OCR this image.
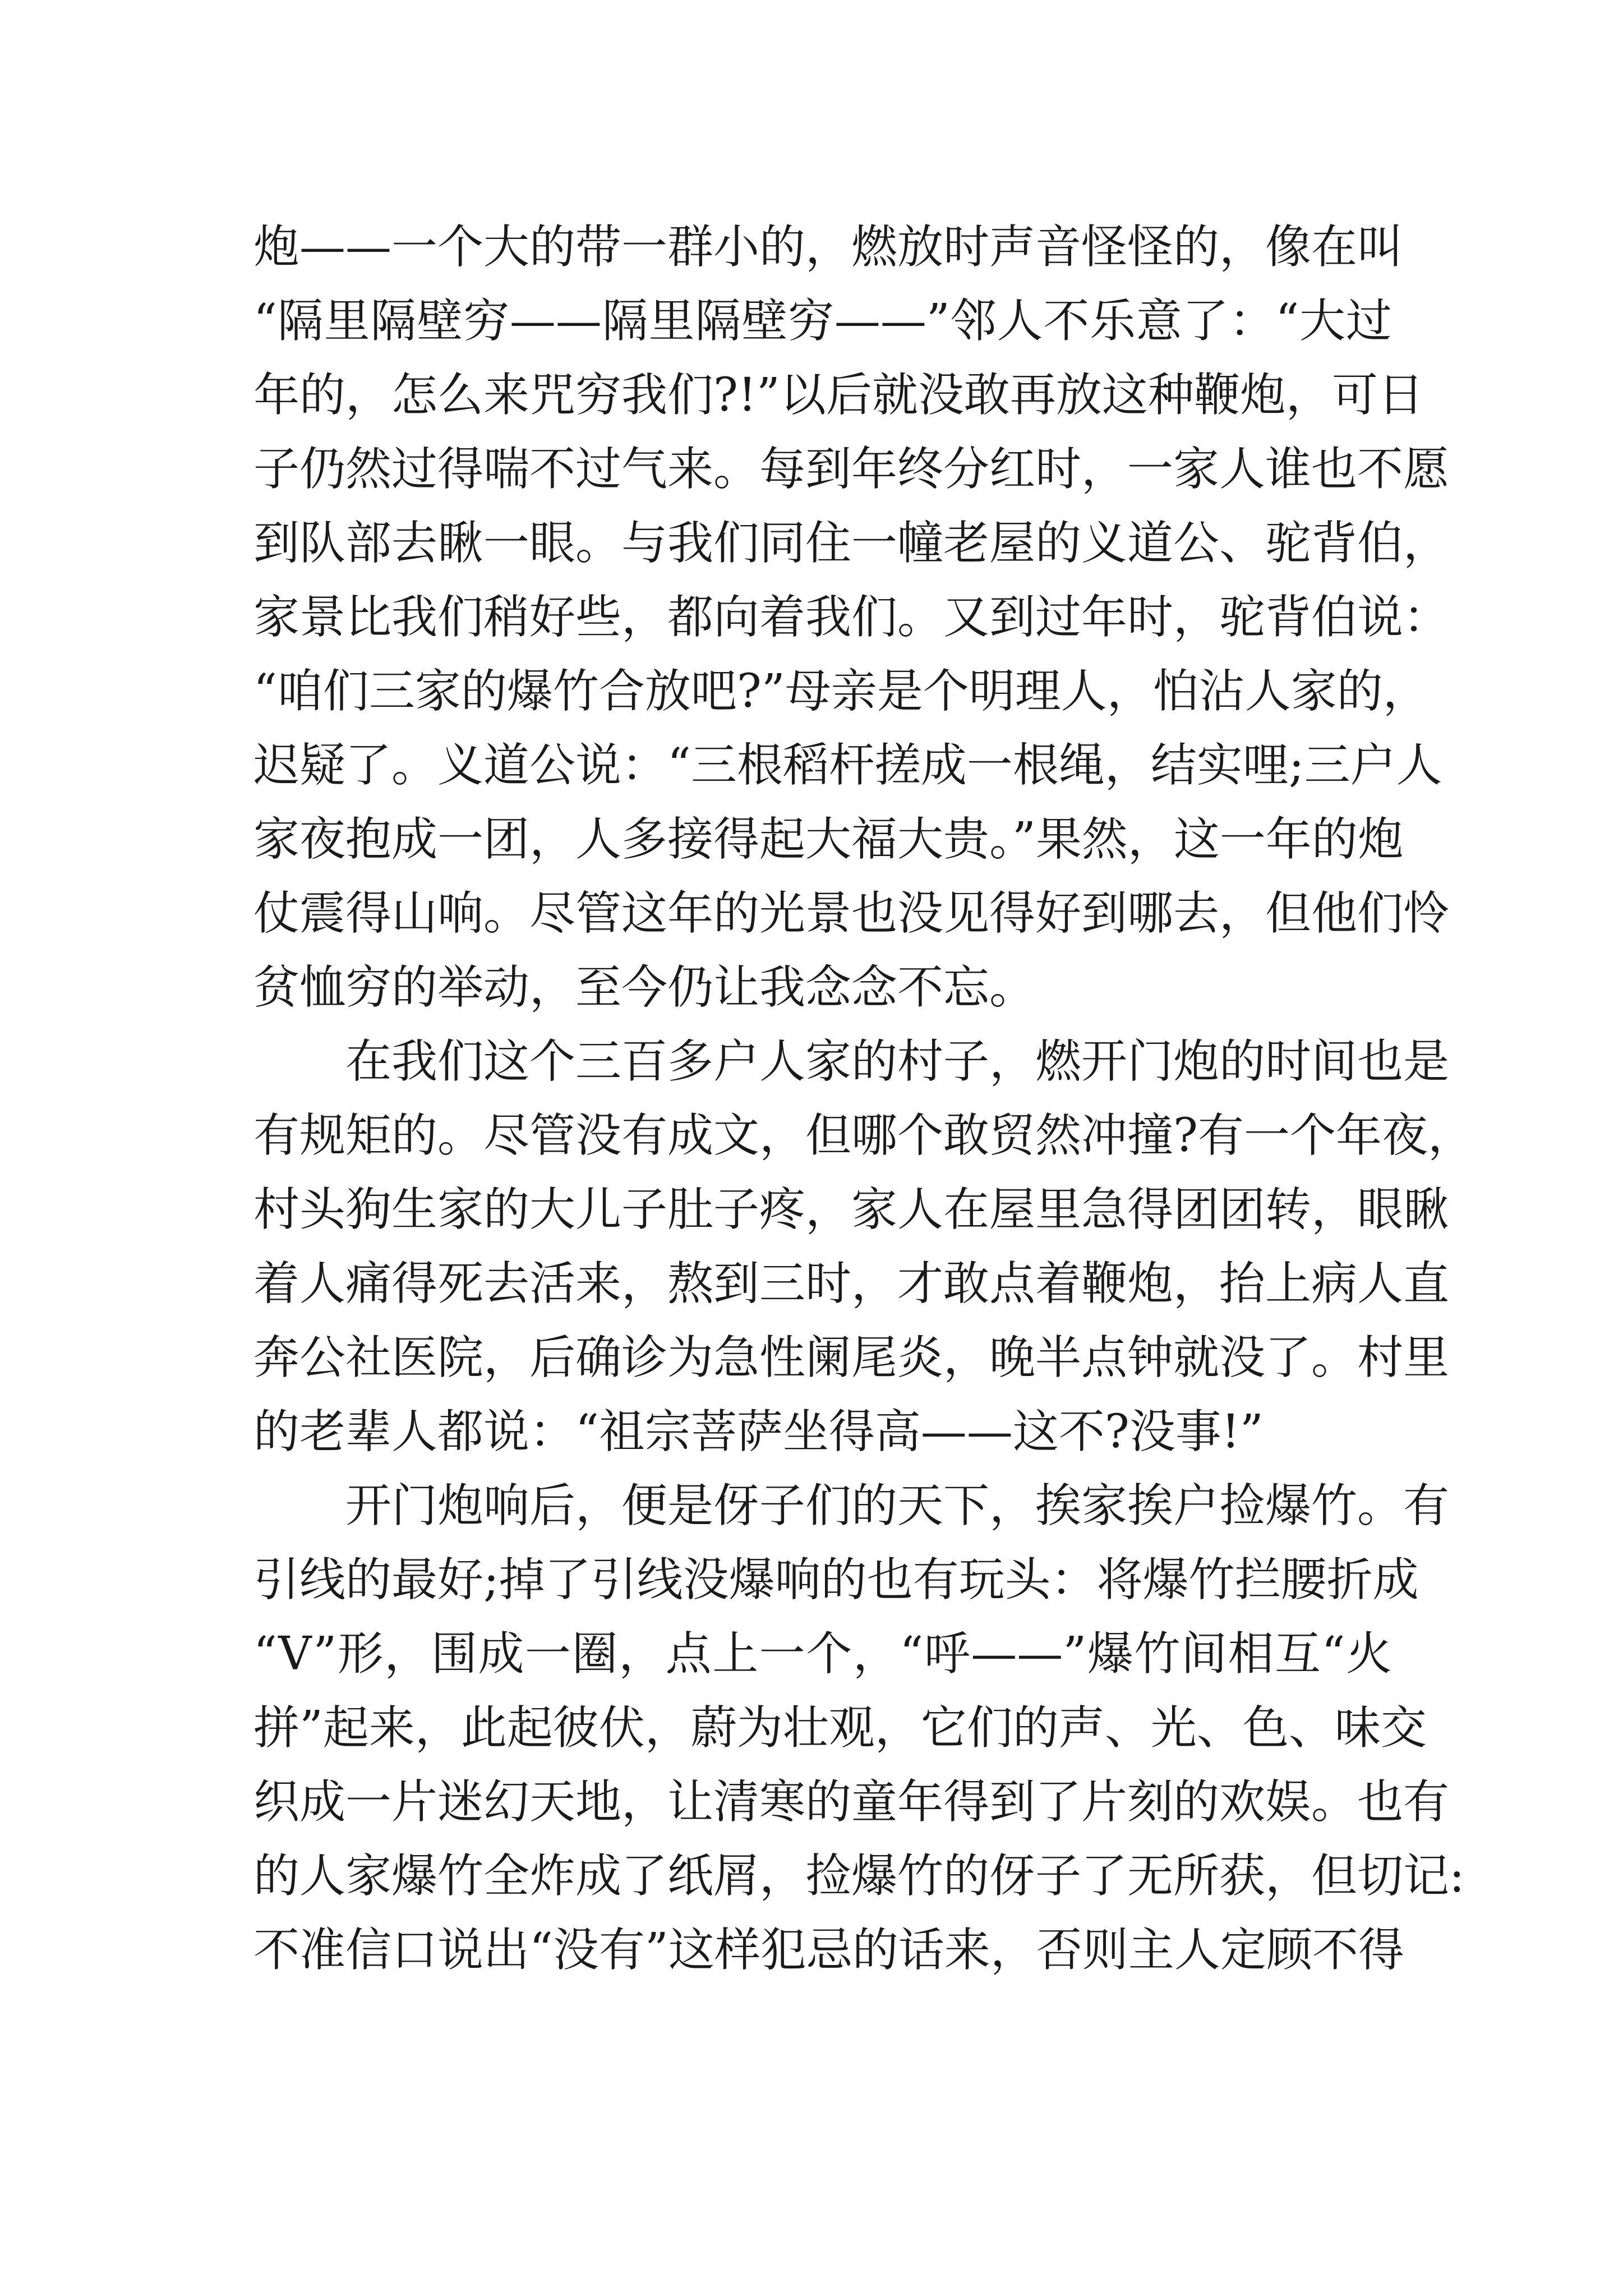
炮——一个大的带一群小的，燃放时声音怪怪的，像在叫
“隔里隔壁穷——隔里隔壁穷——”邻人不乐意了：“大过
年的，怎么来咒穷我们?!”以后就没敢再放这种鞭炮，可日
子仍然过得喘不过气来。每到年终分红时，一家人谁也不愿
到队部去瞅一眼。与我们同住一幢老屋的义道公、驼背伯，
家景比我们稍好些，都向着我们。又到过年时，驼背伯说：
“咱们三家的爆竹合放吧?”母亲是个明理人，怕沾人家的，
迟疑了。义道公说：“三根稻杆搓成一根绳，结实哩;三户人
家夜抱成一团，人多接得起大福大贵。”果然，这一年的炮
仗震得山响。尽管这年的光景也没见得好到哪去，但他们怜
贫恤穷的举动，至今仍让我念念不忘。
在我们这个三百多户人家的村子，燃开门炮的时间也是
有规矩的。尽管没有成文，但哪个敢贸然冲撞?有一个年夜，
村头狗生家的大儿子肚子疼，家人在屋里急得团团转，眼瞅
着人痛得死去活来，熬到三时，才敢点着鞭炮，抬上病人直
奔公社医院，后确诊为急性阑尾炎，晚半点钟就没了。村里
的老辈人都说：“祖宗菩萨坐得高——这不?没事!”
开门炮响后，便是伢子们的天下，挨家挨户捡爆竹。有
引线的最好;掉了引线没爆响的也有玩头：将爆竹拦腰折成
“V”形，围成一圈，点上一个，“呼——”爆竹间相互“火
拼”起来，此起彼伏，蔚为壮观，它们的声、光、色、味交
织成一片迷幻天地，让清寒的童年得到了片刻的欢娱。也有
的人家爆竹全炸成了纸屑，捡爆竹的伢子了无所获，但切记:
不准信口说出“没有”这样犯忌的话来，否则主人定顾不得
